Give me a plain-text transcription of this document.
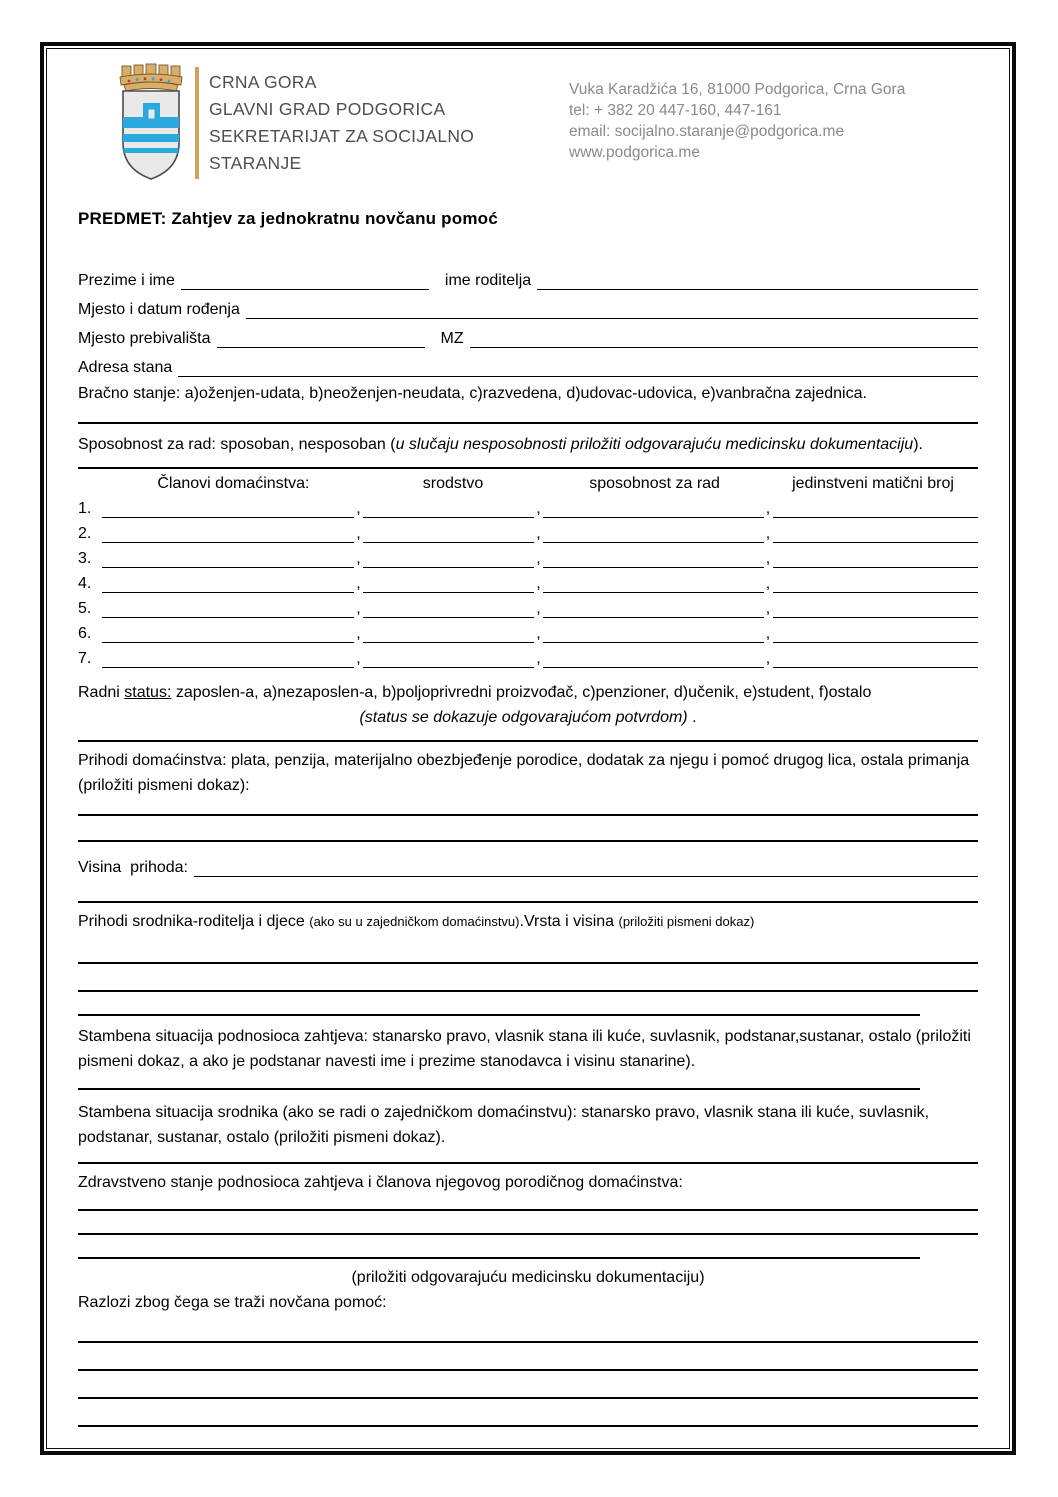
CRNA GORA
GLAVNI GRAD PODGORICA
SEKRETARIJAT ZA SOCIJALNO
STARANJE
Vuka Karadžića 16, 81000 Podgorica, Crna Gora
tel: + 382 20 447-160, 447-161
email: socijalno.staranje@podgorica.me
www.podgorica.me
PREDMET: Zahtjev za jednokratnu novčanu pomoć
Prezime i ime	ime roditelja
Mjesto i datum rođenja
Mjesto prebivališta	MZ
Adresa stana
Bračno stanje: a)oženjen-udata, b)neoženjen-neudata, c)razvedena, d)udovac-udovica, e)vanbračna zajednica.
Sposobnost za rad: sposoban, nesposoban (u slučaju nesposobnosti priložiti odgovarajuću medicinsku dokumentaciju).
Članovi domaćinstva:	srodstvo	sposobnost za rad	jedinstveni matični broj
1.	,	,	,
2.	,	,	,
3.	,	,	,
4.	,	,	,
5.	,	,	,
6.	,	,	,
7.	,	,	,
Radni status: zaposlen-a, a)nezaposlen-a, b)poljoprivredni proizvođač, c)penzioner, d)učenik, e)student, f)ostalo
(status se dokazuje odgovarajućom potvrdom) .
Prihodi domaćinstva: plata, penzija, materijalno obezbjeđenje porodice, dodatak za njegu i pomoć drugog lica, ostala primanja (priložiti pismeni dokaz):
Visina  prihoda:
Prihodi srodnika-roditelja i djece (ako su u zajedničkom domaćinstvu).Vrsta i visina (priložiti pismeni dokaz)
Stambena situacija podnosioca zahtjeva: stanarsko pravo, vlasnik stana ili kuće, suvlasnik, podstanar,sustanar, ostalo (priložiti pismeni dokaz, a ako je podstanar navesti ime i prezime stanodavca i visinu stanarine).
Stambena situacija srodnika (ako se radi o zajedničkom domaćinstvu): stanarsko pravo, vlasnik stana ili kuće, suvlasnik, podstanar, sustanar, ostalo (priložiti pismeni dokaz).
Zdravstveno stanje podnosioca zahtjeva i članova njegovog porodičnog domaćinstva:
(priložiti odgovarajuću medicinsku dokumentaciju)
Razlozi zbog čega se traži novčana pomoć:
